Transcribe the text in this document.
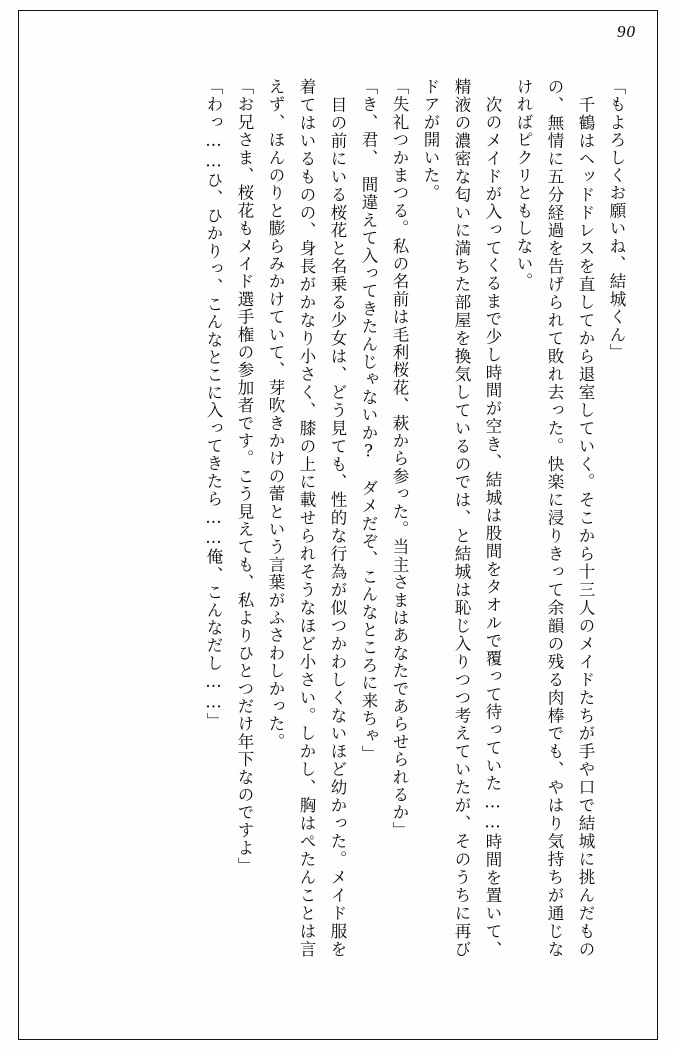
90

「もよろしくお願いね、結城くん」

　千鶴はヘッドドレスを直してから退室していく。そこから十三人のメイドたちが手や口で結城に挑んだものの、無情に五分経過を告げられて敗れ去った。快楽に浸りきって余韻の残る肉棒でも、やはり気持ちが通じなければピクリともしない。

　次のメイドが入ってくるまで少し時間が空き、結城は股間をタオルで覆って待っていた……時間を置いて、精液の濃密な匂いに満ちた部屋を換気しているのでは、と結城は恥じ入りつつ考えていたが、そのうちに再びドアが開いた。

「失礼つかまつる。私の名前は毛利桜花、萩から参った。当主さまはあなたであらせられるか」

「き、君、　間違えて入ってきたんじゃないか?　ダメだぞ、こんなところに来ちゃ」

　目の前にいる桜花と名乗る少女は、どう見ても、性的な行為が似つかわしくないほど幼かった。メイド服を着てはいるものの、身長がかなり小さく、膝の上に載せられそうなほど小さい。しかし、胸はぺたんことは言えず、ほんのりと膨らみかけていて、芽吹きかけの蕾という言葉がふさわしかった。

「お兄さま、桜花もメイド選手権の参加者です。こう見えても、私よりひとつだけ年下なのですよ」

「わっ……ひ、ひかりっ、こんなとこに入ってきたら……俺、こんなだし……」
